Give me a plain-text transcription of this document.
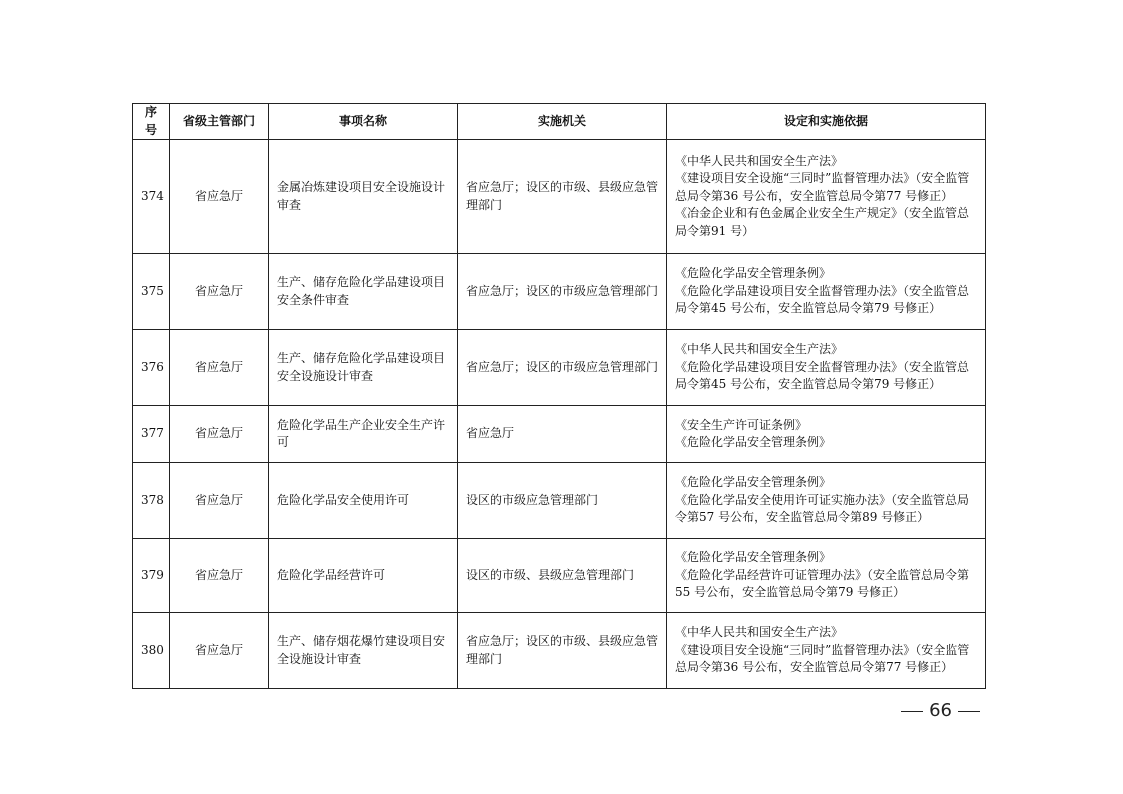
序号	省级主管部门	事项名称	实施机关	设定和实施依据
374	省应急厅	金属冶炼建设项目安全设施设计审查	省应急厅；设区的市级、县级应急管理部门	《中华人民共和国安全生产法》
《建设项目安全设施“三同时”监督管理办法》（安全监管总局令第36 号公布，安全监管总局令第77 号修正）
《冶金企业和有色金属企业安全生产规定》（安全监管总局令第91 号）

375	省应急厅	生产、储存危险化学品建设项目安全条件审查	省应急厅；设区的市级应急管理部门	《危险化学品安全管理条例》
《危险化学品建设项目安全监督管理办法》（安全监管总局令第45 号公布，安全监管总局令第79 号修正）

376	省应急厅	生产、储存危险化学品建设项目安全设施设计审查	省应急厅；设区的市级应急管理部门	《中华人民共和国安全生产法》
《危险化学品建设项目安全监督管理办法》（安全监管总局令第45 号公布，安全监管总局令第79 号修正）

377	省应急厅	危险化学品生产企业安全生产许可	省应急厅	《安全生产许可证条例》
《危险化学品安全管理条例》

378	省应急厅	危险化学品安全使用许可	设区的市级应急管理部门	《危险化学品安全管理条例》
《危险化学品安全使用许可证实施办法》（安全监管总局令第57 号公布，安全监管总局令第89 号修正）

379	省应急厅	危险化学品经营许可	设区的市级、县级应急管理部门	《危险化学品安全管理条例》
《危险化学品经营许可证管理办法》（安全监管总局令第55 号公布，安全监管总局令第79 号修正）

380	省应急厅	生产、储存烟花爆竹建设项目安全设施设计审查	省应急厅；设区的市级、县级应急管理部门	《中华人民共和国安全生产法》
《建设项目安全设施“三同时”监督管理办法》（安全监管总局令第36 号公布，安全监管总局令第77 号修正）
66
